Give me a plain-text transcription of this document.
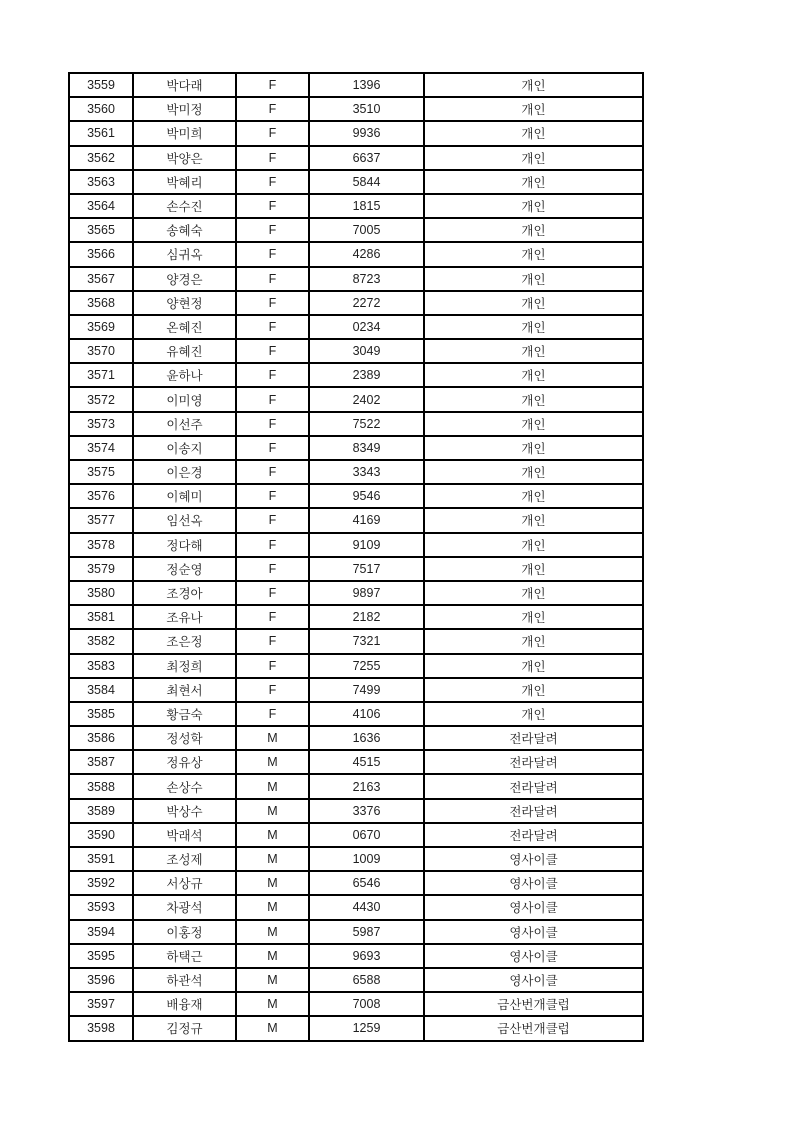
3559	박다래	F	1396	개인
3560	박미정	F	3510	개인
3561	박미희	F	9936	개인
3562	박양은	F	6637	개인
3563	박혜리	F	5844	개인
3564	손수진	F	1815	개인
3565	송혜숙	F	7005	개인
3566	심귀옥	F	4286	개인
3567	양경은	F	8723	개인
3568	양현정	F	2272	개인
3569	온혜진	F	0234	개인
3570	유혜진	F	3049	개인
3571	윤하나	F	2389	개인
3572	이미영	F	2402	개인
3573	이선주	F	7522	개인
3574	이송지	F	8349	개인
3575	이은경	F	3343	개인
3576	이혜미	F	9546	개인
3577	임선옥	F	4169	개인
3578	정다해	F	9109	개인
3579	정순영	F	7517	개인
3580	조경아	F	9897	개인
3581	조유나	F	2182	개인
3582	조은정	F	7321	개인
3583	최정희	F	7255	개인
3584	최현서	F	7499	개인
3585	황금숙	F	4106	개인
3586	정성학	M	1636	전라달려
3587	정유상	M	4515	전라달려
3588	손상수	M	2163	전라달려
3589	박상수	M	3376	전라달려
3590	박래석	M	0670	전라달려
3591	조성제	M	1009	영사이클
3592	서상규	M	6546	영사이클
3593	차광석	M	4430	영사이클
3594	이홍정	M	5987	영사이클
3595	하택근	M	9693	영사이클
3596	하관석	M	6588	영사이클
3597	배융재	M	7008	금산번개클럽
3598	김정규	M	1259	금산번개클럽
